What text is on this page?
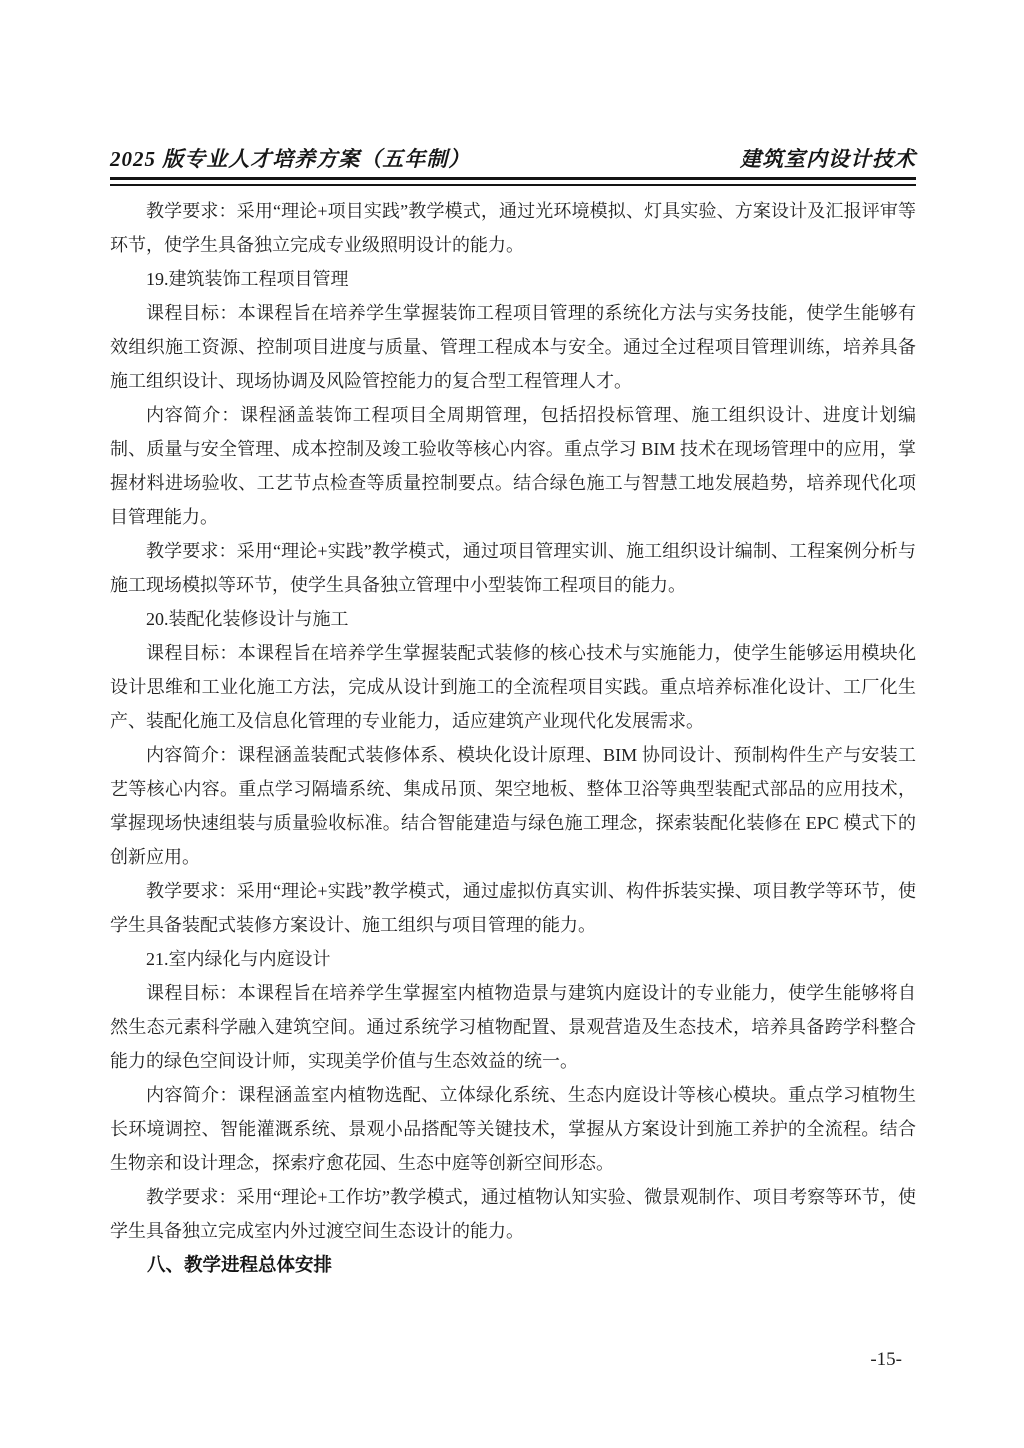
2025 版专业人才培养方案（五年制）	建筑室内设计技术

教学要求：采用“理论+项目实践”教学模式，通过光环境模拟、灯具实验、方案设计及汇报评审等环节，使学生具备独立完成专业级照明设计的能力。

19.建筑装饰工程项目管理

课程目标：本课程旨在培养学生掌握装饰工程项目管理的系统化方法与实务技能，使学生能够有效组织施工资源、控制项目进度与质量、管理工程成本与安全。通过全过程项目管理训练，培养具备施工组织设计、现场协调及风险管控能力的复合型工程管理人才。

内容简介：课程涵盖装饰工程项目全周期管理，包括招投标管理、施工组织设计、进度计划编制、质量与安全管理、成本控制及竣工验收等核心内容。重点学习 BIM 技术在现场管理中的应用，掌握材料进场验收、工艺节点检查等质量控制要点。结合绿色施工与智慧工地发展趋势，培养现代化项目管理能力。

教学要求：采用“理论+实践”教学模式，通过项目管理实训、施工组织设计编制、工程案例分析与施工现场模拟等环节，使学生具备独立管理中小型装饰工程项目的能力。

20.装配化装修设计与施工

课程目标：本课程旨在培养学生掌握装配式装修的核心技术与实施能力，使学生能够运用模块化设计思维和工业化施工方法，完成从设计到施工的全流程项目实践。重点培养标准化设计、工厂化生产、装配化施工及信息化管理的专业能力，适应建筑产业现代化发展需求。

内容简介：课程涵盖装配式装修体系、模块化设计原理、BIM 协同设计、预制构件生产与安装工艺等核心内容。重点学习隔墙系统、集成吊顶、架空地板、整体卫浴等典型装配式部品的应用技术，掌握现场快速组装与质量验收标准。结合智能建造与绿色施工理念，探索装配化装修在 EPC 模式下的创新应用。

教学要求：采用“理论+实践”教学模式，通过虚拟仿真实训、构件拆装实操、项目教学等环节，使学生具备装配式装修方案设计、施工组织与项目管理的能力。

21.室内绿化与内庭设计

课程目标：本课程旨在培养学生掌握室内植物造景与建筑内庭设计的专业能力，使学生能够将自然生态元素科学融入建筑空间。通过系统学习植物配置、景观营造及生态技术，培养具备跨学科整合能力的绿色空间设计师，实现美学价值与生态效益的统一。

内容简介：课程涵盖室内植物选配、立体绿化系统、生态内庭设计等核心模块。重点学习植物生长环境调控、智能灌溉系统、景观小品搭配等关键技术，掌握从方案设计到施工养护的全流程。结合生物亲和设计理念，探索疗愈花园、生态中庭等创新空间形态。

教学要求：采用“理论+工作坊”教学模式，通过植物认知实验、微景观制作、项目考察等环节，使学生具备独立完成室内外过渡空间生态设计的能力。

八、教学进程总体安排
-15-
